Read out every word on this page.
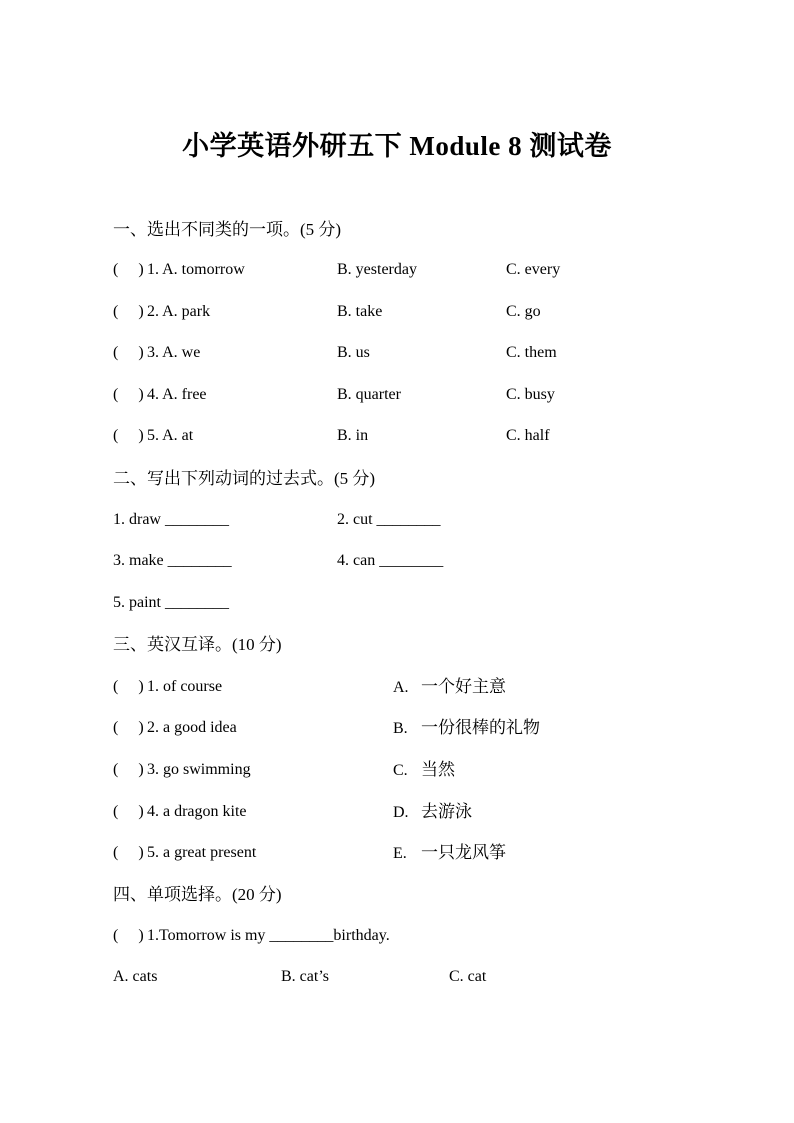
小学英语外研五下 Module 8 测试卷
一、选出不同类的一项。(5 分)
( ) 1. A. tomorrow	B. yesterday	C. every
( ) 2. A. park	B. take	C. go
( ) 3. A. we	B. us	C. them
( ) 4. A. free	B. quarter	C. busy
( ) 5. A. at	B. in	C. half
二、写出下列动词的过去式。(5 分)
1. draw ________	2. cut ________
3. make ________	4. can ________
5. paint ________
三、英汉互译。(10 分)
( ) 1. of course	A. 一个好主意
( ) 2. a good idea	B. 一份很棒的礼物
( ) 3. go swimming	C. 当然
( ) 4. a dragon kite	D. 去游泳
( ) 5. a great present	E. 一只龙风筝
四、单项选择。(20 分)
( ) 1.Tomorrow is my ________birthday.
A. cats	B. cat’s	C. cat
